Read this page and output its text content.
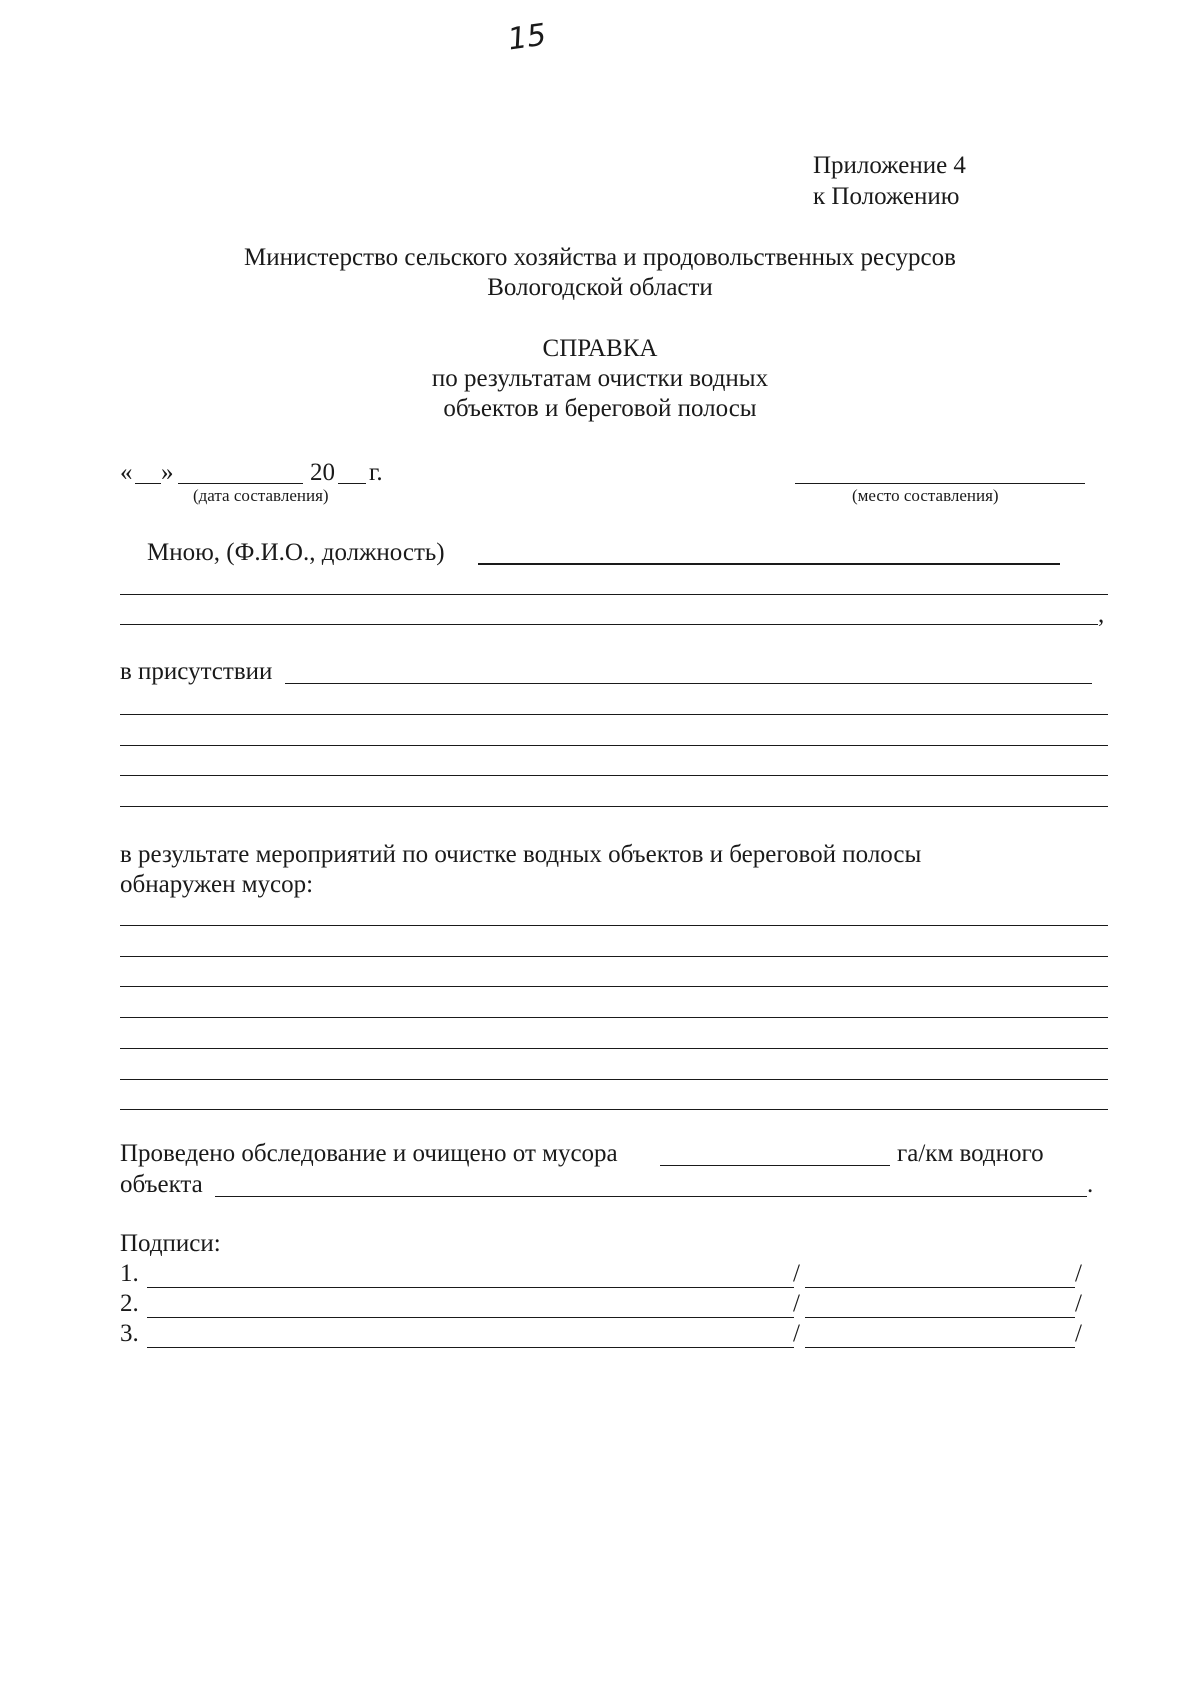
15
Приложение 4
к Положению
Министерство сельского хозяйства и продовольственных ресурсов
Вологодской области
СПРАВКА
по результатам очистки водных
объектов и береговой полосы
« »	20 г.
(дата составления)	(место составления)
Мною, (Ф.И.О., должность)
,
в присутствии
в результате мероприятий по очистке водных объектов и береговой полосы
обнаружен мусор:
Проведено обследование и очищено от мусора	га/км водного
объекта	.
Подписи:
1.	/	/
2.	/	/
3.	/	/
